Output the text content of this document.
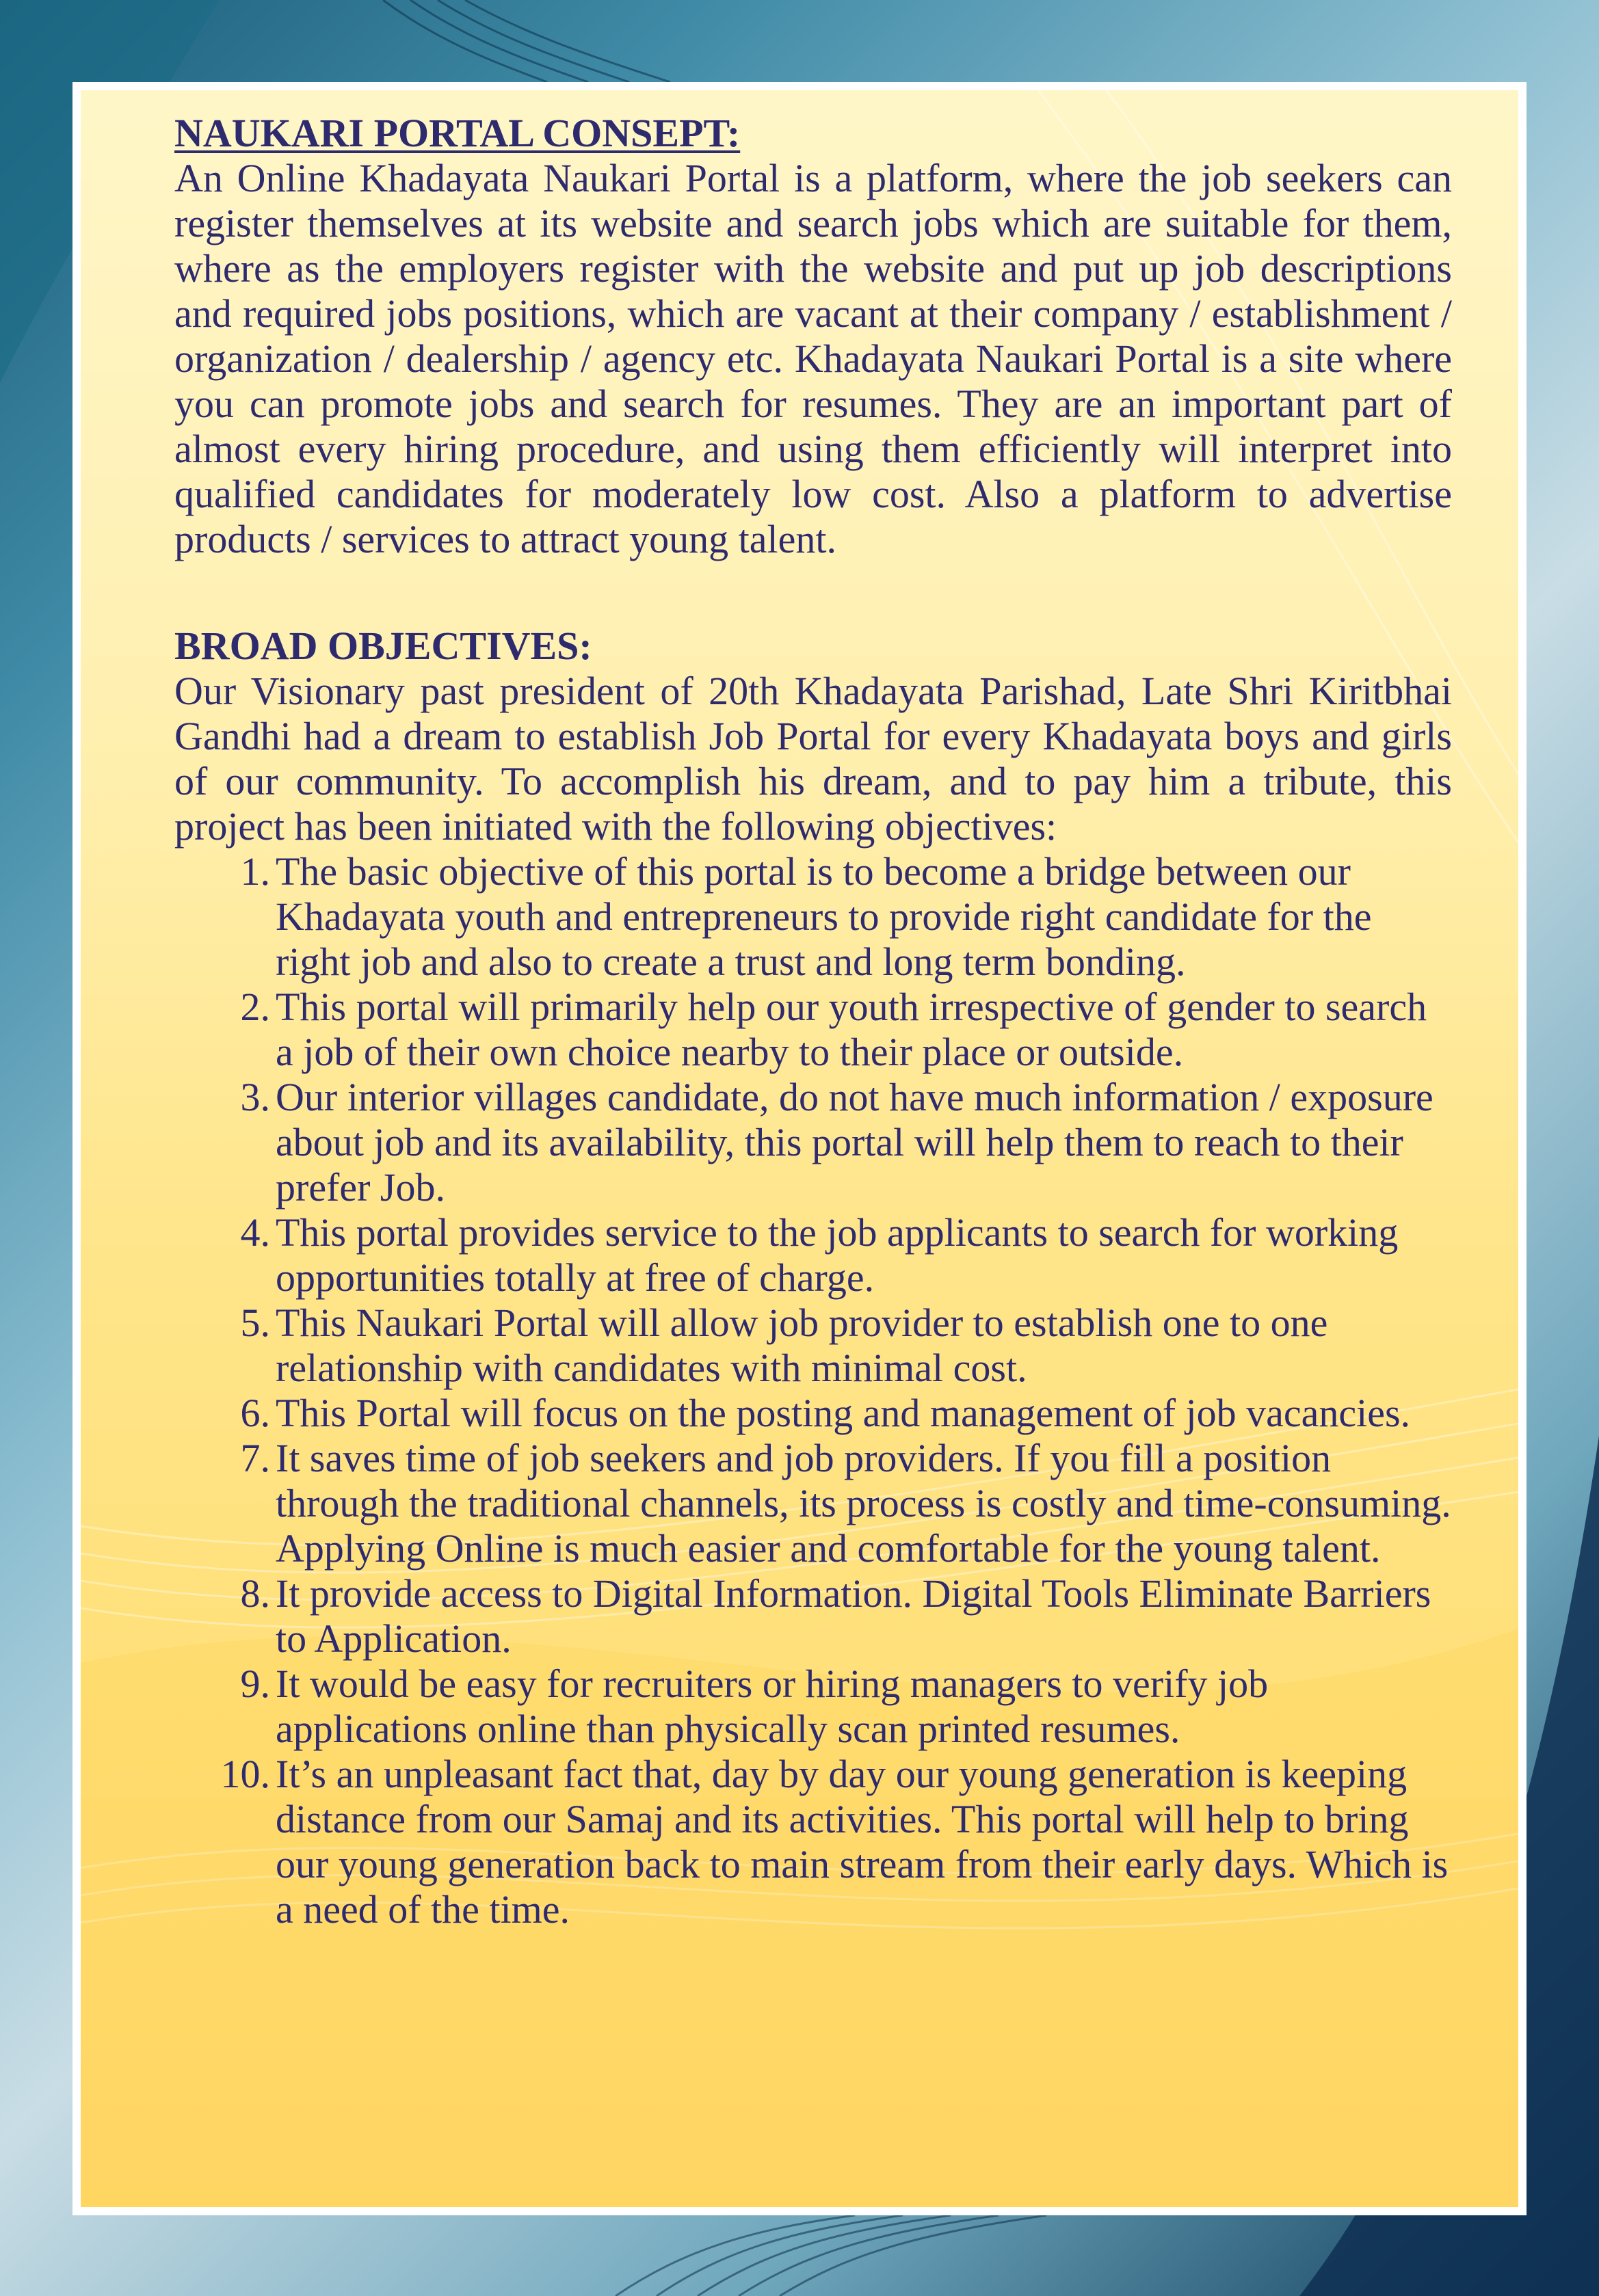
NAUKARI PORTAL CONSEPT:

An Online Khadayata Naukari Portal is a platform, where the job seekers can register themselves at its website and search jobs which are suitable for them, where as the employers register with the website and put up job descriptions and required jobs positions, which are vacant at their company / establishment / organization / dealership / agency etc. Khadayata Naukari Portal is a site where you can promote jobs and search for resumes. They are an important part of almost every hiring procedure, and using them efficiently will interpret into qualified candidates for moderately low cost. Also a platform to advertise products / services to attract young talent.

BROAD OBJECTIVES:

Our Visionary past president of 20th Khadayata Parishad, Late Shri Kiritbhai Gandhi had a dream to establish Job Portal for every Khadayata boys and girls of our community. To accomplish his dream, and to pay him a tribute, this project has been initiated with the following objectives:

1. The basic objective of this portal is to become a bridge between our Khadayata youth and entrepreneurs to provide right candidate for the right job and also to create a trust and long term bonding.
2. This portal will primarily help our youth irrespective of gender to search a job of their own choice nearby to their place or outside.
3. Our interior villages candidate, do not have much information / exposure about job and its availability, this portal will help them to reach to their prefer Job.
4. This portal provides service to the job applicants to search for working opportunities totally at free of charge.
5. This Naukari Portal will allow job provider to establish one to one relationship with candidates with minimal cost.
6. This Portal will focus on the posting and management of job vacancies.
7. It saves time of job seekers and job providers. If you fill a position through the traditional channels, its process is costly and time-consuming. Applying Online is much easier and comfortable for the young talent.
8. It provide access to Digital Information. Digital Tools Eliminate Barriers to Application.
9. It would be easy for recruiters or hiring managers to verify job applications online than physically scan printed resumes.
10. It’s an unpleasant fact that, day by day our young generation is keeping distance from our Samaj and its activities. This portal will help to bring our young generation back to main stream from their early days. Which is a need of the time.
